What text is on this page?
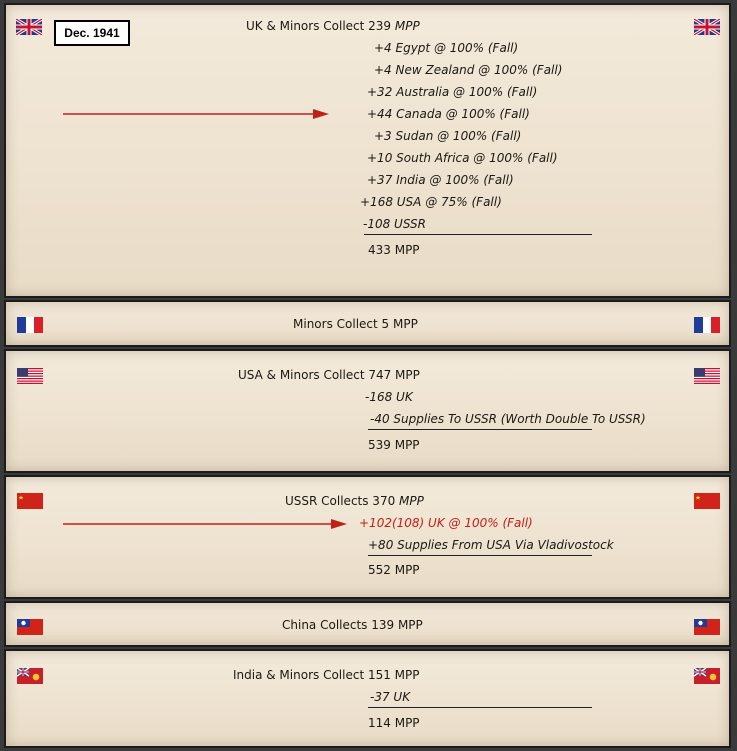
Dec. 1941	UK & Minors Collect 239 MPP
+4 Egypt @ 100% (Fall)
+4 New Zealand @ 100% (Fall)
+32 Australia @ 100% (Fall)
+44 Canada @ 100% (Fall)
+3 Sudan @ 100% (Fall)
+10 South Africa @ 100% (Fall)
+37 India @ 100% (Fall)
+168 USA @ 75% (Fall)
-108 USSR
433 MPP
Minors Collect 5 MPP
USA & Minors Collect 747 MPP
-168 UK
-40 Supplies To USSR (Worth Double To USSR)
539 MPP
USSR Collects 370 MPP
+102(108) UK @ 100% (Fall)
+80 Supplies From USA Via Vladivostock
552 MPP
China Collects 139 MPP
India & Minors Collect 151 MPP
-37 UK
114 MPP
